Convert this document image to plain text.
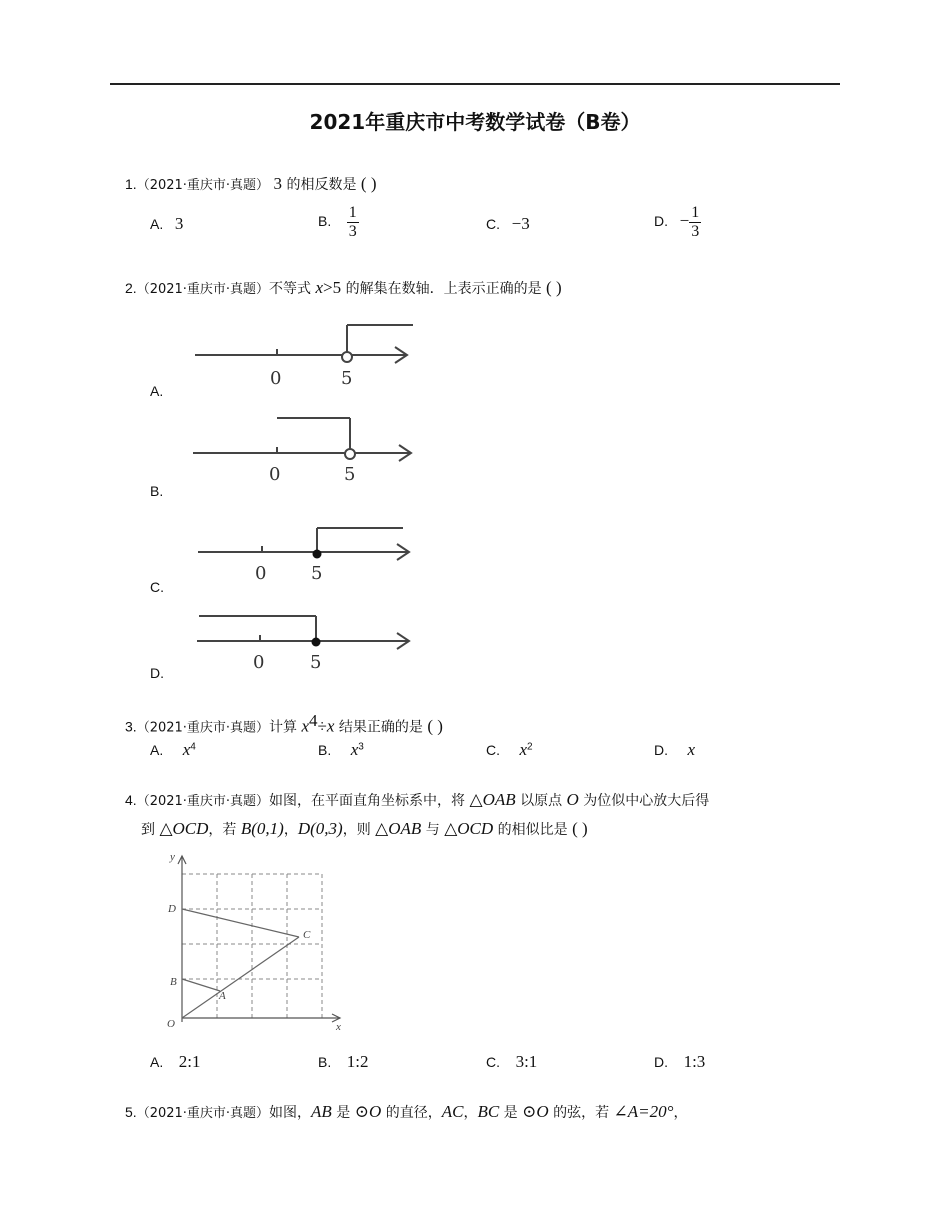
2021年重庆市中考数学试卷（B卷）
1.（2021·重庆市·真题） 3 的相反数是 ( )
A. 3	B. $\frac{1}{3}$	C. −3	D. − $\frac{1}{3}$
2.（2021·重庆市·真题）不等式 x>5 的解集在数轴．上表示正确的是 ( )
A.
0	5
B.
0	5
C.
0 5
D.	0	5
3.（2021·重庆市·真题）计算 $x^4\div x$ 结果正确的是 ( )
A. $x^4$	B. $x^3$	C. $x^2$	D. x
4.（2021·重庆市·真题）如图，在平面直角坐标系中，将 △OAB 以原点 O 为位似中心放大后得
到 △OCD，若 B(0,1)，D(0,3)，则 △OAB 与 △OCD 的相似比是 ( )
y
x
O
A
B
C
D
A. 2:1	B. 1:2	C. 3:1	D. 1:3
5.（2021·重庆市·真题）如图，AB 是 ⊙O 的直径，AC，BC 是 ⊙O 的弦，若 ∠A=20°，
